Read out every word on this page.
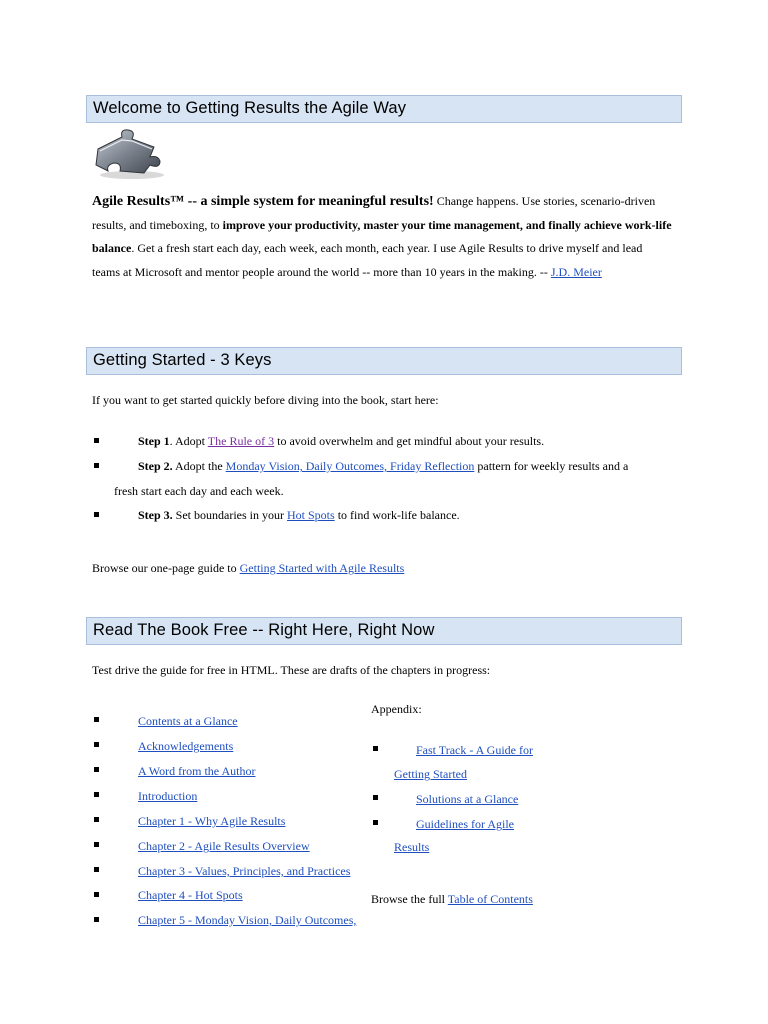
Welcome to Getting Results the Agile Way
Agile Results™ -- a simple system for meaningful results! Change happens. Use stories, scenario-driven results, and timeboxing, to improve your productivity, master your time management, and finally achieve work-life balance. Get a fresh start each day, each week, each month, each year. I use Agile Results to drive myself and lead teams at Microsoft and mentor people around the world -- more than 10 years in the making. -- J.D. Meier
Getting Started - 3 Keys
If you want to get started quickly before diving into the book, start here:
Step 1. Adopt The Rule of 3 to avoid overwhelm and get mindful about your results.
Step 2. Adopt the Monday Vision, Daily Outcomes, Friday Reflection pattern for weekly results and a
fresh start each day and each week.
Step 3. Set boundaries in your Hot Spots to find work-life balance.
Browse our one-page guide to Getting Started with Agile Results
Read The Book Free -- Right Here, Right Now
Test drive the guide for free in HTML. These are drafts of the chapters in progress:
Contents at a Glance
Acknowledgements
A Word from the Author
Introduction
Chapter 1 - Why Agile Results
Chapter 2 - Agile Results Overview
Chapter 3 - Values, Principles, and Practices
Chapter 4 - Hot Spots
Chapter 5 - Monday Vision, Daily Outcomes,
Appendix:
Fast Track - A Guide for
Getting Started
Solutions at a Glance
Guidelines for Agile
Results
Browse the full Table of Contents
